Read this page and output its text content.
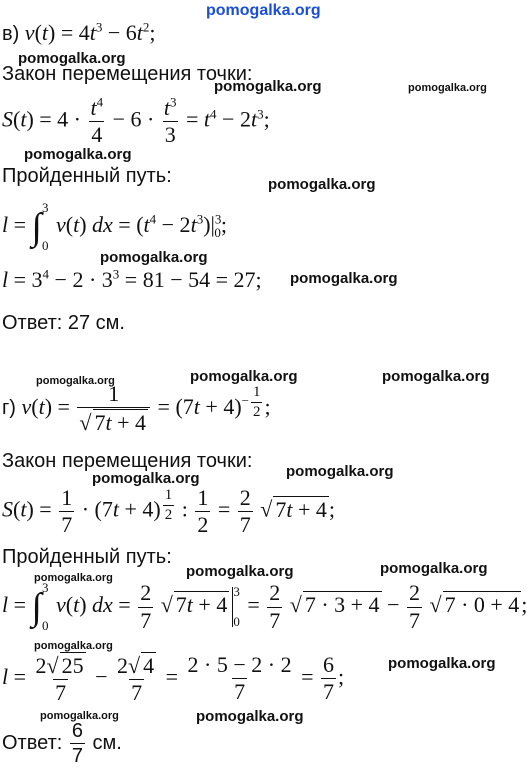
pomogalka.org
pomogalka.org
pomogalka.org	pomogalka.org
pomogalka.org
pomogalka.org
pomogalka.org
pomogalka.org
pomogalka.org	pomogalka.org	pomogalka.org
pomogalka.org
pomogalka.org
pomogalka.org	pomogalka.org	pomogalka.org
pomogalka.org
pomogalka.org
pomogalka.org	pomogalka.org
в) $v(t) = 4t^3 - 6t^2$;
Закон перемещения точки:
$S(t) = 4 \cdot \frac{t^4}{4} - 6 \cdot \frac{t^3}{3} = t^4 - 2t^3$;
Пройденный путь:
l = ∫ 3
0
v(t) dx = $(t^4 - 2t^3)|^3_0$;
$l = 3^4 - 2 \cdot 3^3 = 81 - 54 = 27$;
Ответ: 27 см.
г) $v(t) = \frac{1}{√ 7t + 4} = (7t + 4)^{- \frac{1}{2}}$ ;
Закон перемещения точки:
$S(t) = \frac{1}{7} \cdot (7t + 4)$ $^{\frac{1}{2}}$ : $\frac{1}{2} = \frac{2}{7}$ √ 7t + 4;
Пройденный путь:
l = ∫ 3
0
v(t) dx = $\frac{2}{7}$ √ 7t + 4
3
0
= $\frac{2}{7}$ √ $7 \cdot 3 + 4 - \frac{2}{7}$ √ 7 · 0 + 4;
$l = \frac{2√ 25}{7} - \frac{2√ 4}{7} = \frac{2 \cdot 5 - 2 \cdot 2}{7} = \frac{6}{7}$ ;
Ответ: $\frac{6}{7}$ см.
